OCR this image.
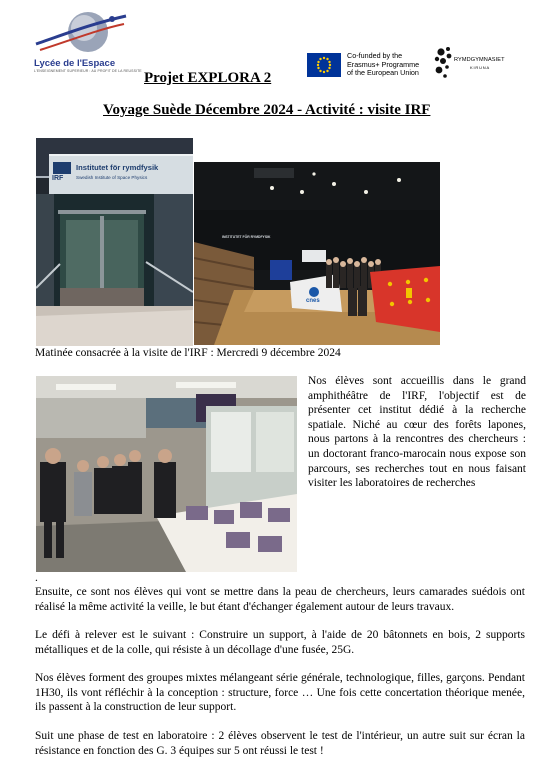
Lycée de l'Espace
L'ENSEIGNEMENT SUPERIEUR : AU PROFIT DE LA REUSSITE
Co-funded by the
Erasmus+ Programme
of the European Union
RYMDGYMNASIET
KIRUNA
Projet EXPLORA 2
Voyage Suède Décembre 2024 - Activité : visite IRF
IRF
Institutet för rymdfysik
Swedish Institute of Space Physics
INSTITUTET FÖR RYMDFYSIK
cnes
Matinée consacrée à la visite de l'IRF : Mercredi 9 décembre 2024
Nos élèves sont accueillis dans le grand amphithéâtre de l'IRF, l'objectif est de présenter cet institut dédié à la recherche spatiale. Niché au cœur des forêts lapones, nous partons à la rencontres des chercheurs : un doctorant franco-marocain nous expose son parcours, ses recherches tout en nous faisant visiter les laboratoires de recherches
.
Ensuite, ce sont nos élèves qui vont se mettre dans la peau de chercheurs, leurs camarades suédois ont réalisé la même activité la veille, le but étant d'échanger également autour de leurs travaux.
Le défi à relever est le suivant : Construire un support, à l'aide de 20 bâtonnets en bois, 2 supports métalliques et de la colle, qui résiste à un décollage d'une fusée, 25G.
Nos élèves forment des groupes mixtes mélangeant série générale, technologique, filles, garçons. Pendant 1H30, ils vont réfléchir à la conception : structure, force … Une fois cette concertation théorique menée, ils passent à la construction de leur support.
Suit une phase de test en laboratoire : 2 élèves observent le test de l'intérieur, un autre suit sur écran la résistance en fonction des G. 3 équipes sur 5 ont réussi le test !
